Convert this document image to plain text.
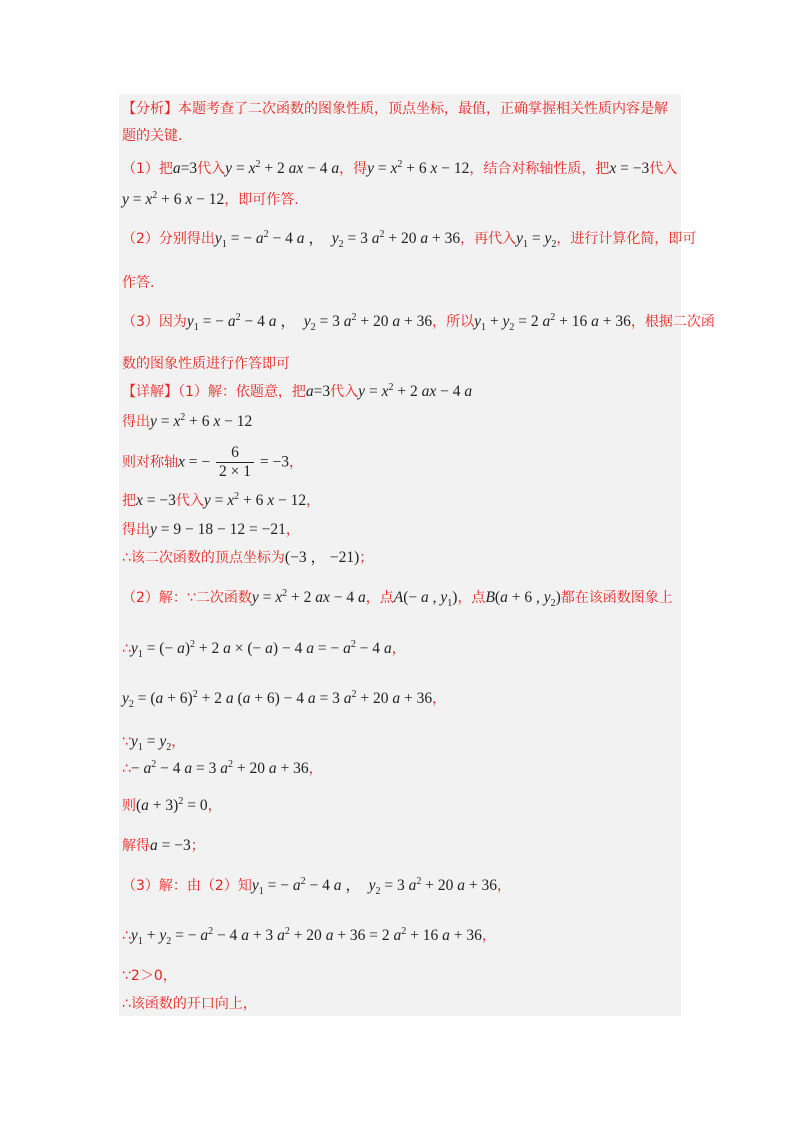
【分析】本题考查了二次函数的图象性质，顶点坐标，最值，正确掌握相关性质内容是解题的关键.
（1）把a=3代入$y = x^2 + 2$ ax − 4 a，得$y = x^2 + 6$ x − 12，结合对称轴性质，把x = −3代入
$y = x^2 + 6$ x − 12，即可作答.
（2）分别得出$y_1$ = − $a^2 - 4$ a ，  $y_2 = 3$ $a^2 + 20$ a + 36，再代入$y_1 = y_2$，进行计算化简，即可
作答.
（3）因为$y_1$ = − $a^2 - 4$ a ，  $y_2 = 3$ $a^2 + 20$ a + 36，所以$y_1 + y_2 = 2$ $a^2 + 16$ a + 36，根据二次函
数的图象性质进行作答即可
【详解】（1）解：依题意，把a=3代入$y = x^2 + 2$ ax − 4 a
得出$y = x^2 + 6$ x − 12
则对称轴x = − $\frac{6}{2 \times 1} = -3$，
把x = −3代入$y = x^2 + 6$ x − 12，
得出y = 9 − 18 − 12 = −21，
∴该二次函数的顶点坐标为(−3 ， −21)；
（2）解：∵二次函数$y = x^2 + 2$ ax − 4 a，点A(− a , $y_1$)，点B(a + 6 , $y_2$)都在该函数图象上
$\therefore y_1$ = (− a)$^2$ + 2 a × (− a) − 4 a = − $a^2 - 4$ a，
$y_2 = (a + 6)^2 + 2$ a (a + 6) − 4 a = 3 $a^2 + 20$ a + 36，
$\because y_1 = y_2$，
∴− $a^2 - 4$ a = 3 $a^2 + 20$ a + 36，
则$(a + 3)^2 = 0$，
解得a = −3；
（3）解：由（2）知$y_1$ = − $a^2 - 4$ a ，  $y_2 = 3$ $a^2 + 20$ a + 36，
$\therefore y_1 + y_2$ = − $a^2 - 4$ a + 3 $a^2 + 20$ a + 36 = 2 $a^2 + 16$ a + 36，
∵2＞0，
∴该函数的开口向上，
